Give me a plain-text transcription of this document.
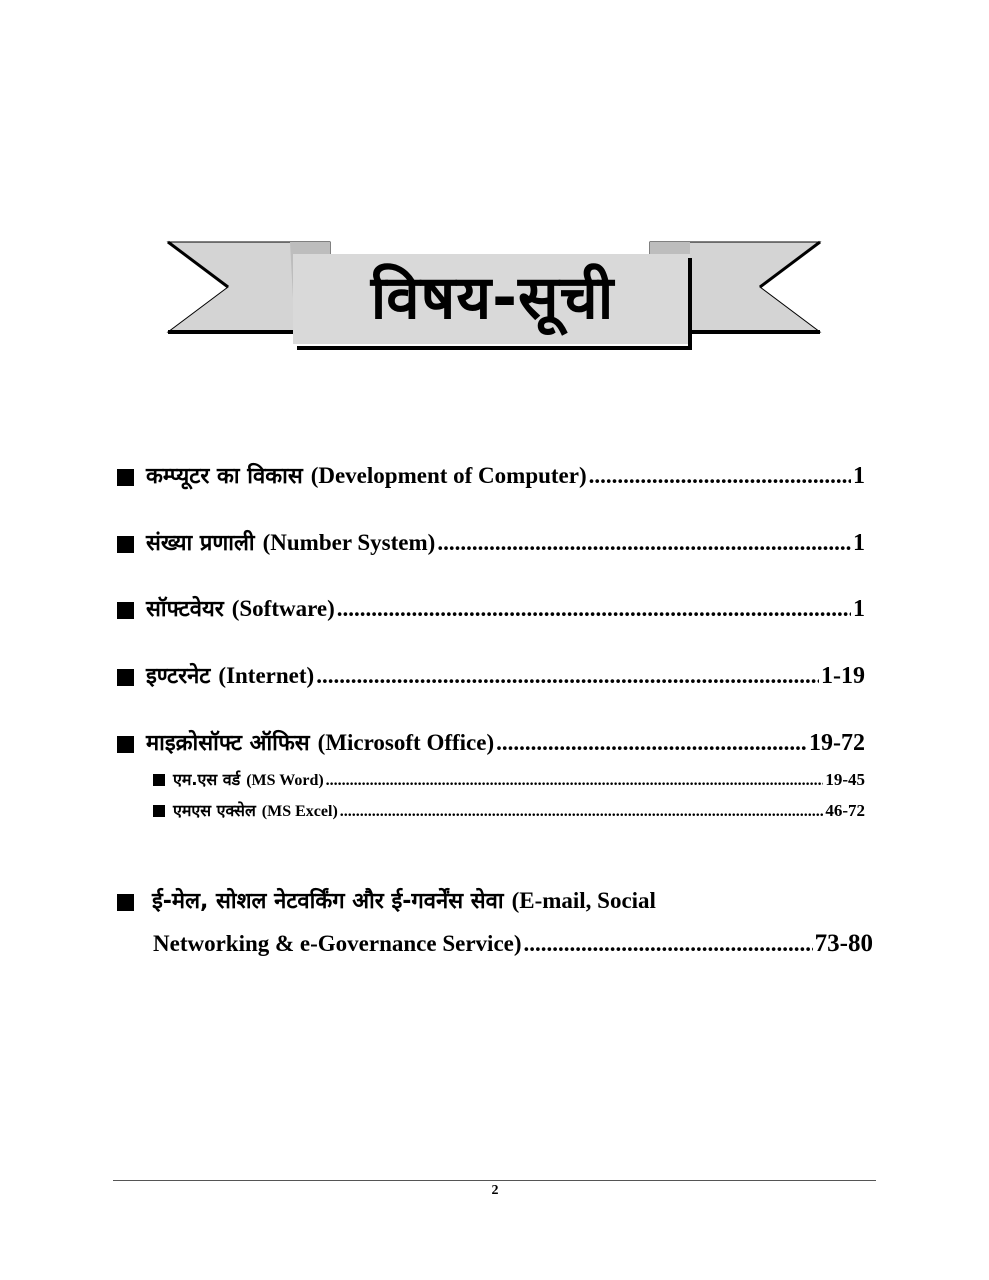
विषय-सूची
कम्प्यूटर का विकास (Development of Computer) .....	1
संख्या प्रणाली (Number System) .....	1
सॉफ्टवेयर (Software) .....	1
इण्टरनेट (Internet) .....	1-19
माइक्रोसॉफ्ट ऑफिस (Microsoft Office) .....	19-72
एम.एस वर्ड (MS Word) .....	19-45
एमएस एक्सेल (MS Excel) .....	46-72
ई-मेल, सोशल नेटवर्किंग और ई-गवर्नेंस सेवा (E-mail, Social
Networking & e-Governance Service) .....	73-80
2
